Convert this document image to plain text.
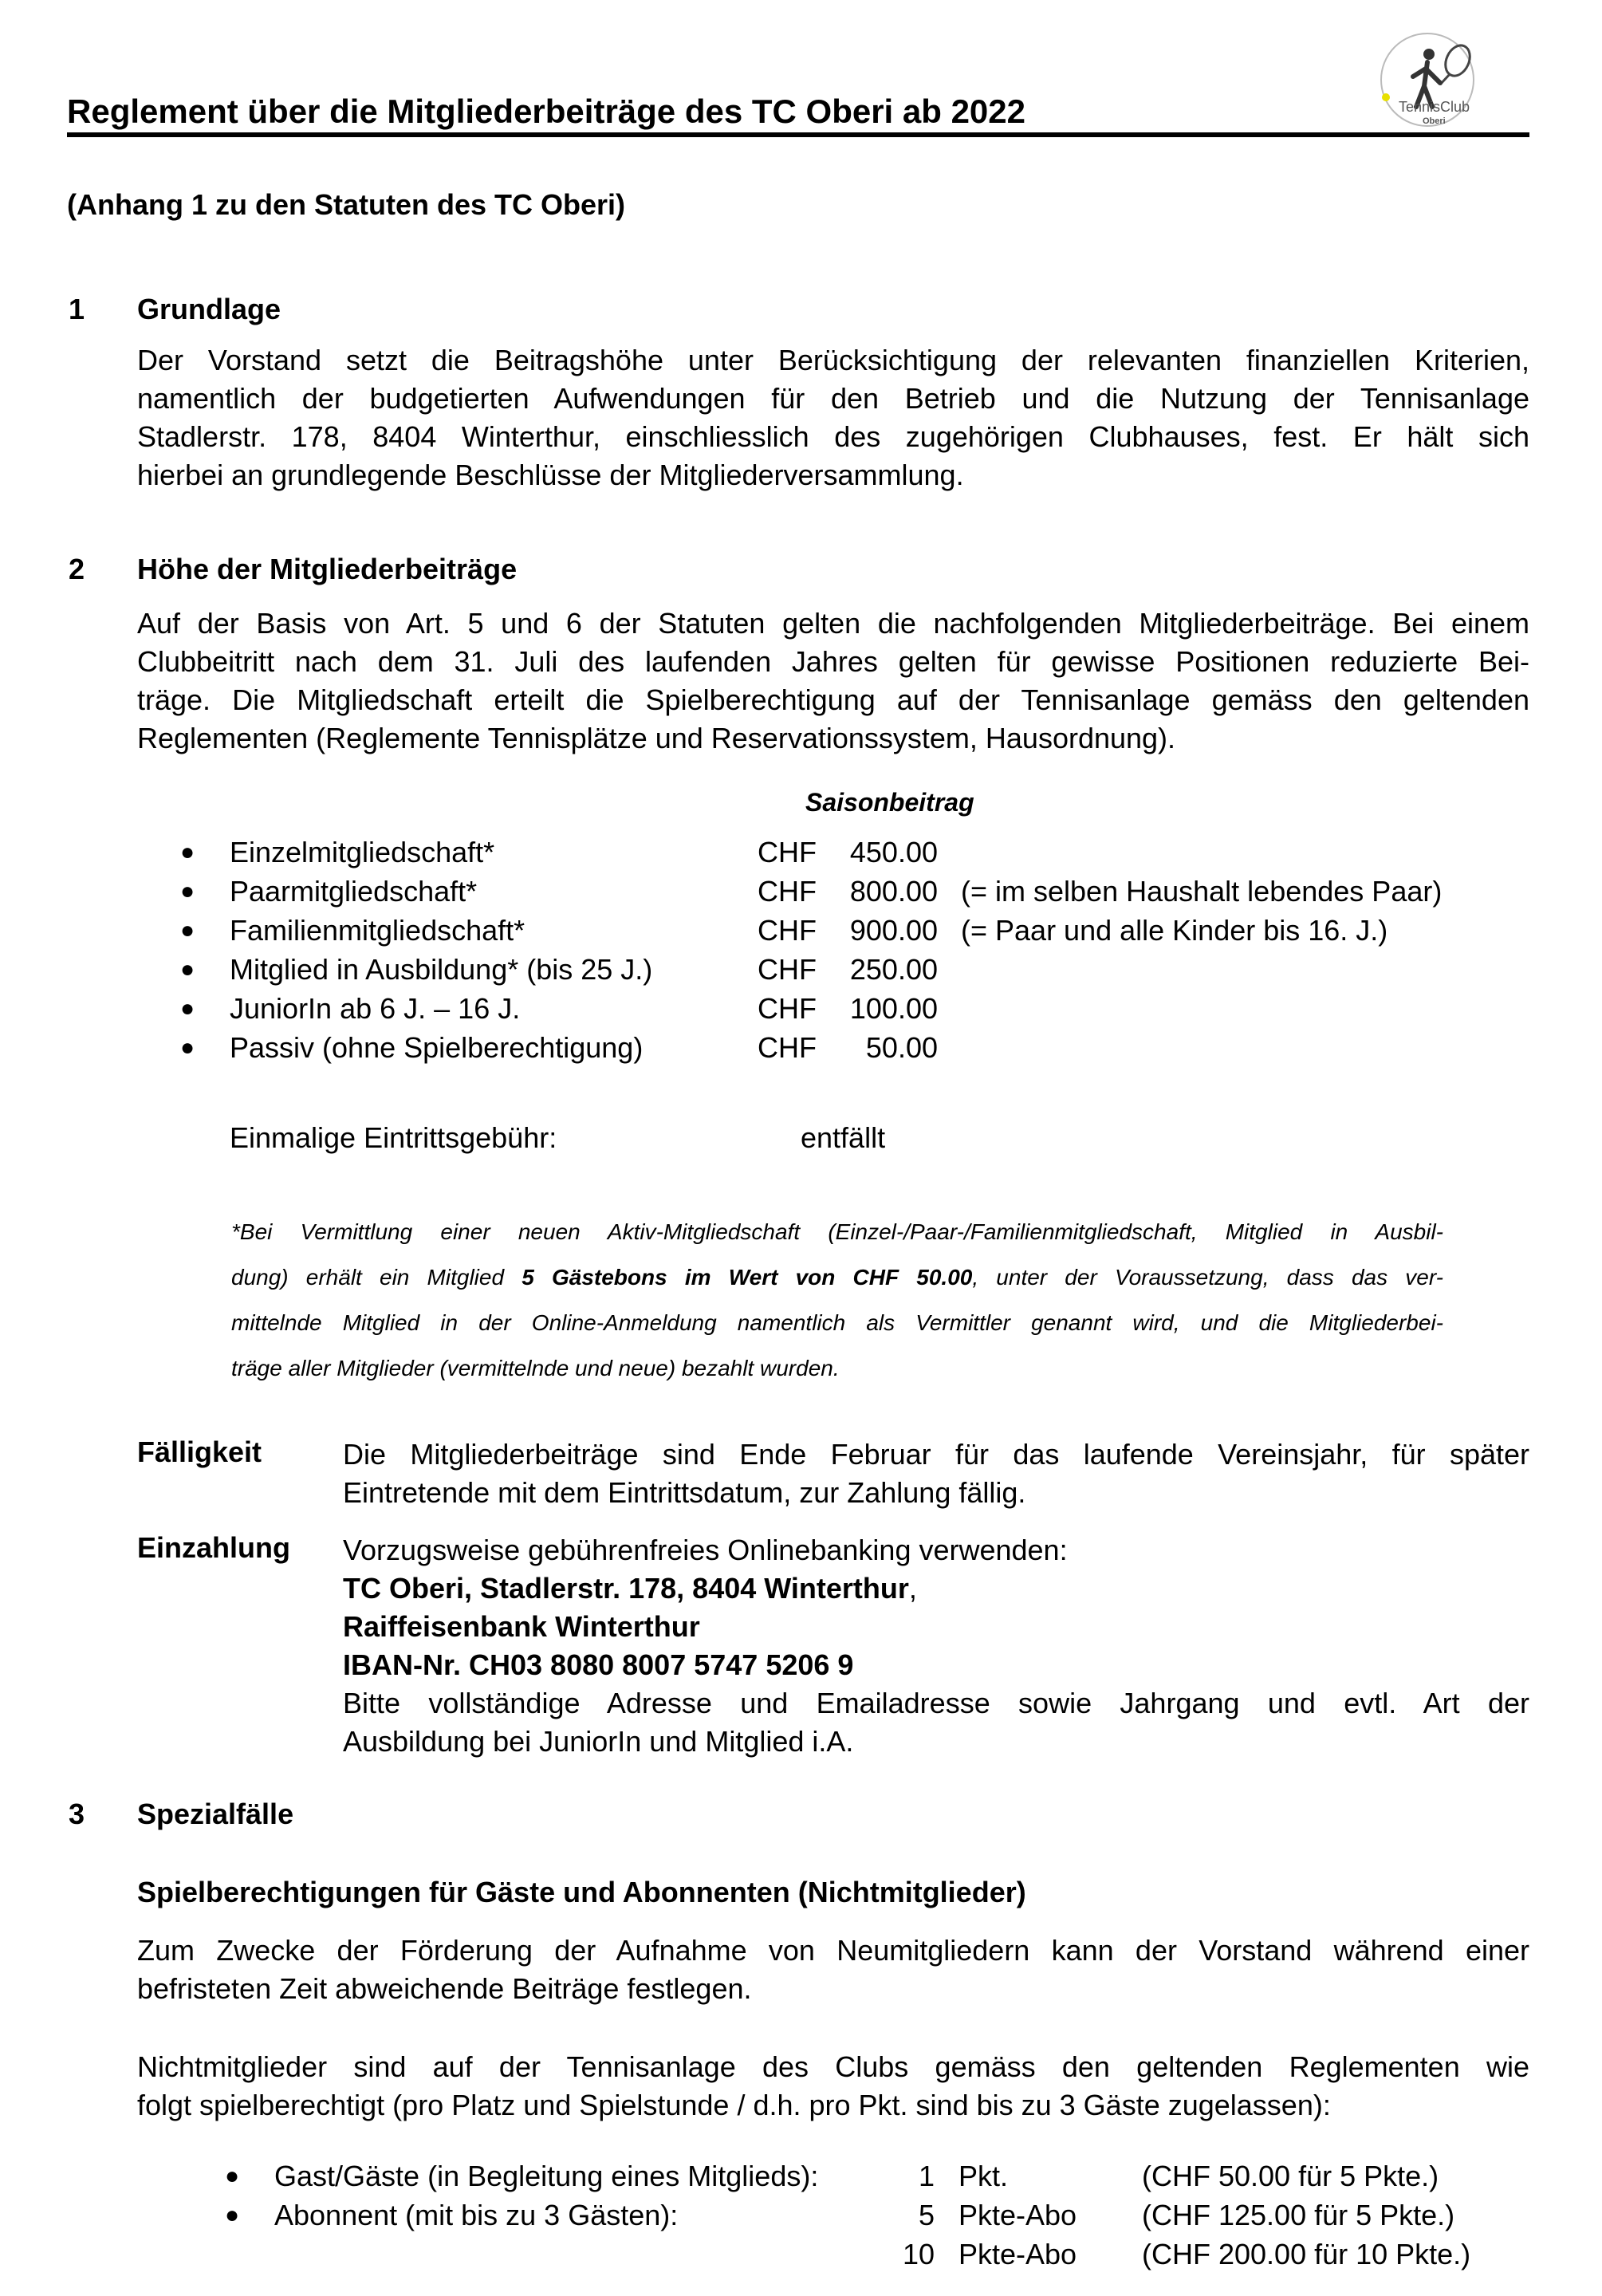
Reglement über die Mitgliederbeiträge des TC Oberi ab 2022	TennisClub
Oberi
(Anhang 1 zu den Statuten des TC Oberi)
1 Grundlage
Der Vorstand setzt die Beitragshöhe unter Berücksichtigung der relevanten finanziellen Kriterien,
namentlich der budgetierten Aufwendungen für den Betrieb und die Nutzung der Tennisanlage
Stadlerstr. 178, 8404 Winterthur, einschliesslich des zugehörigen Clubhauses, fest. Er hält sich
hierbei an grundlegende Beschlüsse der Mitgliederversammlung.
2 Höhe der Mitgliederbeiträge
Auf der Basis von Art. 5 und 6 der Statuten gelten die nachfolgenden Mitgliederbeiträge. Bei einem
Clubbeitritt nach dem 31. Juli des laufenden Jahres gelten für gewisse Positionen reduzierte Bei-
träge. Die Mitgliedschaft erteilt die Spielberechtigung auf der Tennisanlage gemäss den geltenden
Reglementen (Reglemente Tennisplätze und Reservationssystem, Hausordnung).
Saisonbeitrag
● Einzelmitgliedschaft*	CHF	450.00
● Paarmitgliedschaft*	CHF	800.00 (= im selben Haushalt lebendes Paar)
● Familienmitgliedschaft*	CHF	900.00 (= Paar und alle Kinder bis 16. J.)
● Mitglied in Ausbildung* (bis 25 J.)	CHF	250.00
● JuniorIn ab 6 J. – 16 J.	CHF	100.00
● Passiv (ohne Spielberechtigung)	CHF	50.00
Einmalige Eintrittsgebühr:	entfällt
*Bei Vermittlung einer neuen Aktiv-Mitgliedschaft (Einzel-/Paar-/Familienmitgliedschaft, Mitglied in Ausbil-
dung) erhält ein Mitglied 5 Gästebons im Wert von CHF 50.00, unter der Voraussetzung, dass das ver-
mittelnde Mitglied in der Online-Anmeldung namentlich als Vermittler genannt wird, und die Mitgliederbei-
träge aller Mitglieder (vermittelnde und neue) bezahlt wurden.
Fälligkeit	Die Mitgliederbeiträge sind Ende Februar für das laufende Vereinsjahr, für später
Eintretende mit dem Eintrittsdatum, zur Zahlung fällig.
Einzahlung Vorzugsweise gebührenfreies Onlinebanking verwenden:
TC Oberi, Stadlerstr. 178, 8404 Winterthur,
Raiffeisenbank Winterthur
IBAN-Nr. CH03 8080 8007 5747 5206 9
Bitte vollständige Adresse und Emailadresse sowie Jahrgang und evtl. Art der
Ausbildung bei JuniorIn und Mitglied i.A.
3 Spezialfälle
Spielberechtigungen für Gäste und Abonnenten (Nichtmitglieder)
Zum Zwecke der Förderung der Aufnahme von Neumitgliedern kann der Vorstand während einer
befristeten Zeit abweichende Beiträge festlegen.
Nichtmitglieder sind auf der Tennisanlage des Clubs gemäss den geltenden Reglementen wie
folgt spielberechtigt (pro Platz und Spielstunde / d.h. pro Pkt. sind bis zu 3 Gäste zugelassen):
● Gast/Gäste (in Begleitung eines Mitglieds):	1 Pkt.	(CHF 50.00 für 5 Pkte.)
● Abonnent (mit bis zu 3 Gästen):	5 Pkte-Abo (CHF 125.00 für 5 Pkte.)
10 Pkte-Abo (CHF 200.00 für 10 Pkte.)
